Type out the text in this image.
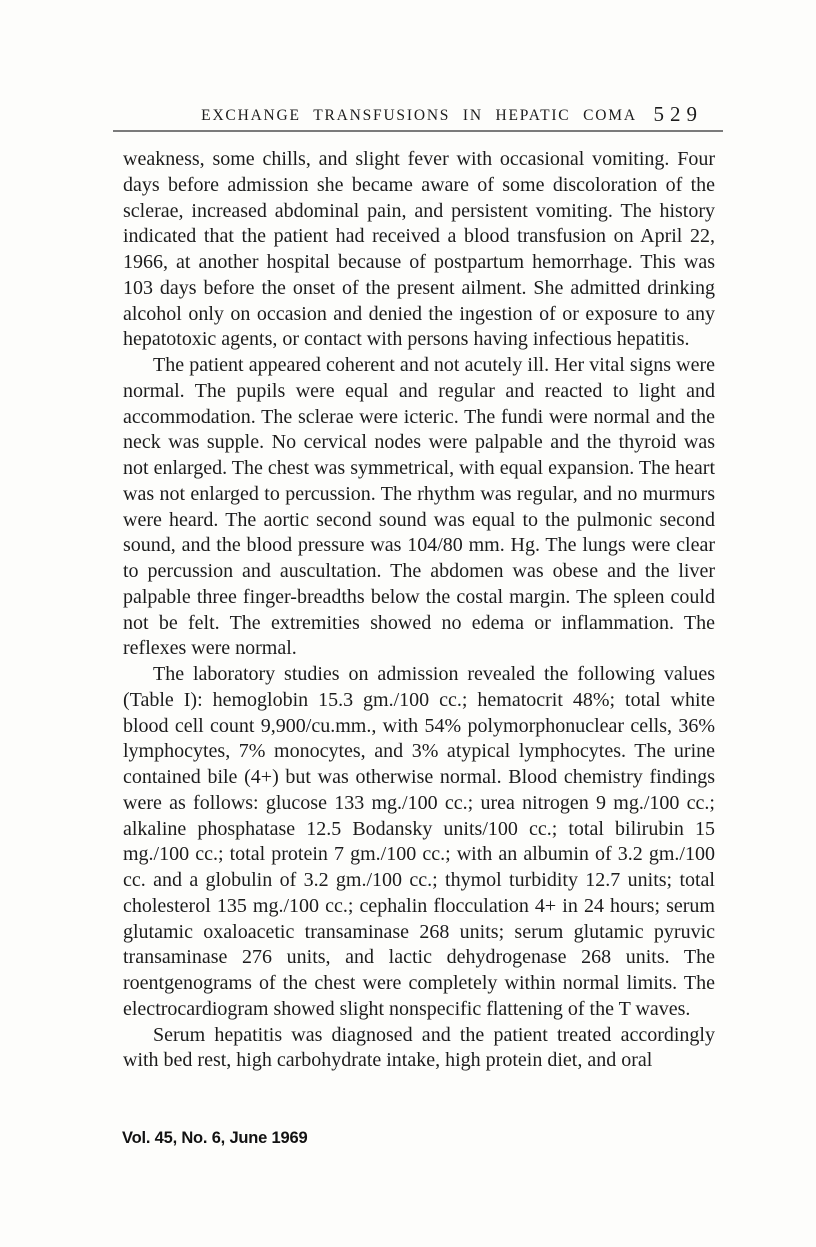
EXCHANGE TRANSFUSIONS IN HEPATIC COMA 529

weakness, some chills, and slight fever with occasional vomiting. Four days before admission she became aware of some discoloration of the sclerae, increased abdominal pain, and persistent vomiting. The history indicated that the patient had received a blood transfusion on April 22, 1966, at another hospital because of postpartum hemorrhage. This was 103 days before the onset of the present ailment. She admitted drinking alcohol only on occasion and denied the ingestion of or exposure to any hepatotoxic agents, or contact with persons having infectious hepatitis.

The patient appeared coherent and not acutely ill. Her vital signs were normal. The pupils were equal and regular and reacted to light and accommodation. The sclerae were icteric. The fundi were normal and the neck was supple. No cervical nodes were palpable and the thyroid was not enlarged. The chest was symmetrical, with equal expansion. The heart was not enlarged to percussion. The rhythm was regular, and no murmurs were heard. The aortic second sound was equal to the pulmonic second sound, and the blood pressure was 104/80 mm. Hg. The lungs were clear to percussion and auscultation. The abdomen was obese and the liver palpable three finger-breadths below the costal margin. The spleen could not be felt. The extremities showed no edema or inflammation. The reflexes were normal.

The laboratory studies on admission revealed the following values (Table I): hemoglobin 15.3 gm./100 cc.; hematocrit 48%; total white blood cell count 9,900/cu.mm., with 54% polymorphonuclear cells, 36% lymphocytes, 7% monocytes, and 3% atypical lymphocytes. The urine contained bile (4+) but was otherwise normal. Blood chemistry findings were as follows: glucose 133 mg./100 cc.; urea nitrogen 9 mg./100 cc.; alkaline phosphatase 12.5 Bodansky units/100 cc.; total bilirubin 15 mg./100 cc.; total protein 7 gm./100 cc.; with an albumin of 3.2 gm./100 cc. and a globulin of 3.2 gm./100 cc.; thymol turbidity 12.7 units; total cholesterol 135 mg./100 cc.; cephalin flocculation 4+ in 24 hours; serum glutamic oxaloacetic transaminase 268 units; serum glutamic pyruvic transaminase 276 units, and lactic dehydrogenase 268 units. The roentgenograms of the chest were completely within normal limits. The electrocardiogram showed slight nonspecific flattening of the T waves.

Serum hepatitis was diagnosed and the patient treated accordingly with bed rest, high carbohydrate intake, high protein diet, and oral

Vol. 45, No. 6, June 1969
